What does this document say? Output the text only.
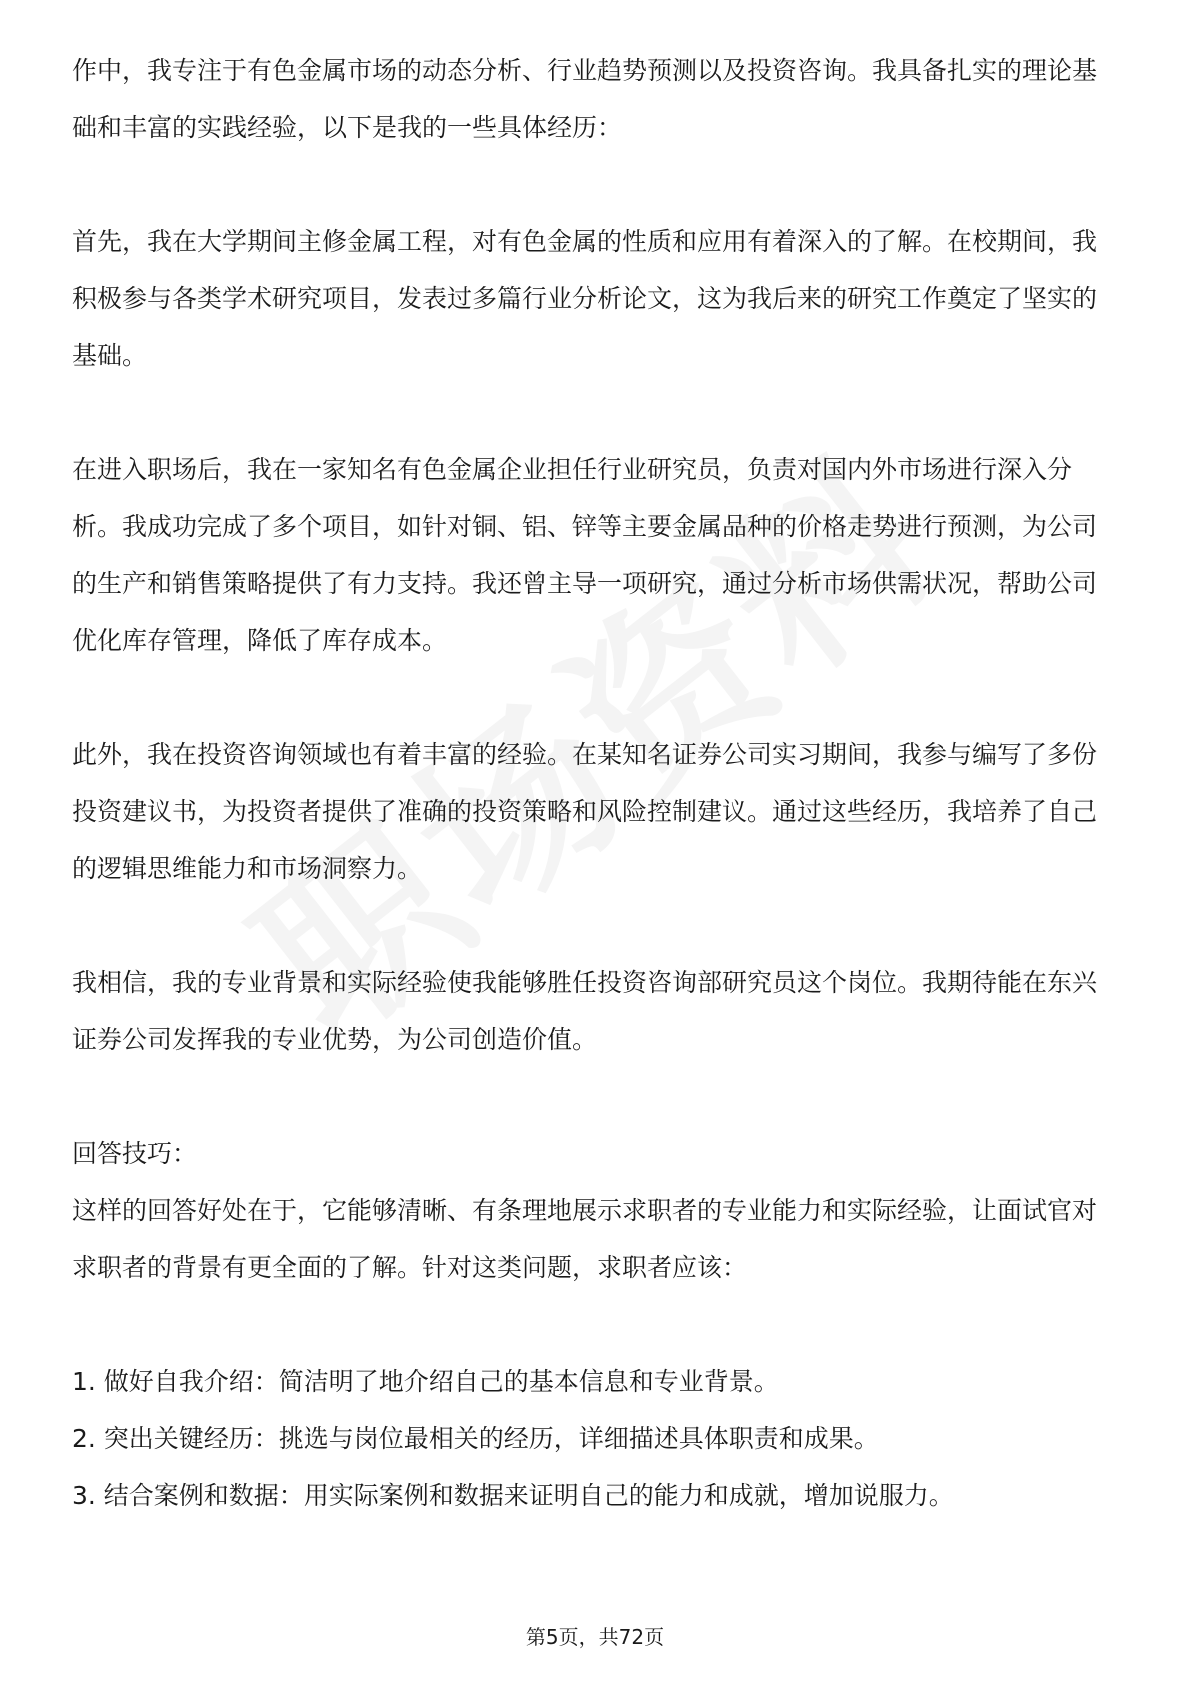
作中，我专注于有色金属市场的动态分析、行业趋势预测以及投资咨询。我具备扎实的理论基础和丰富的实践经验，以下是我的一些具体经历：

首先，我在大学期间主修金属工程，对有色金属的性质和应用有着深入的了解。在校期间，我积极参与各类学术研究项目，发表过多篇行业分析论文，这为我后来的研究工作奠定了坚实的基础。

在进入职场后，我在一家知名有色金属企业担任行业研究员，负责对国内外市场进行深入分析。我成功完成了多个项目，如针对铜、铝、锌等主要金属品种的价格走势进行预测，为公司的生产和销售策略提供了有力支持。我还曾主导一项研究，通过分析市场供需状况，帮助公司优化库存管理，降低了库存成本。

此外，我在投资咨询领域也有着丰富的经验。在某知名证券公司实习期间，我参与编写了多份投资建议书，为投资者提供了准确的投资策略和风险控制建议。通过这些经历，我培养了自己的逻辑思维能力和市场洞察力。

我相信，我的专业背景和实际经验使我能够胜任投资咨询部研究员这个岗位。我期待能在东兴证券公司发挥我的专业优势，为公司创造价值。

回答技巧：

这样的回答好处在于，它能够清晰、有条理地展示求职者的专业能力和实际经验，让面试官对求职者的背景有更全面的了解。针对这类问题，求职者应该：

1. 做好自我介绍：简洁明了地介绍自己的基本信息和专业背景。

2. 突出关键经历：挑选与岗位最相关的经历，详细描述具体职责和成果。

3. 结合案例和数据：用实际案例和数据来证明自己的能力和成就，增加说服力。

第5页，共72页
